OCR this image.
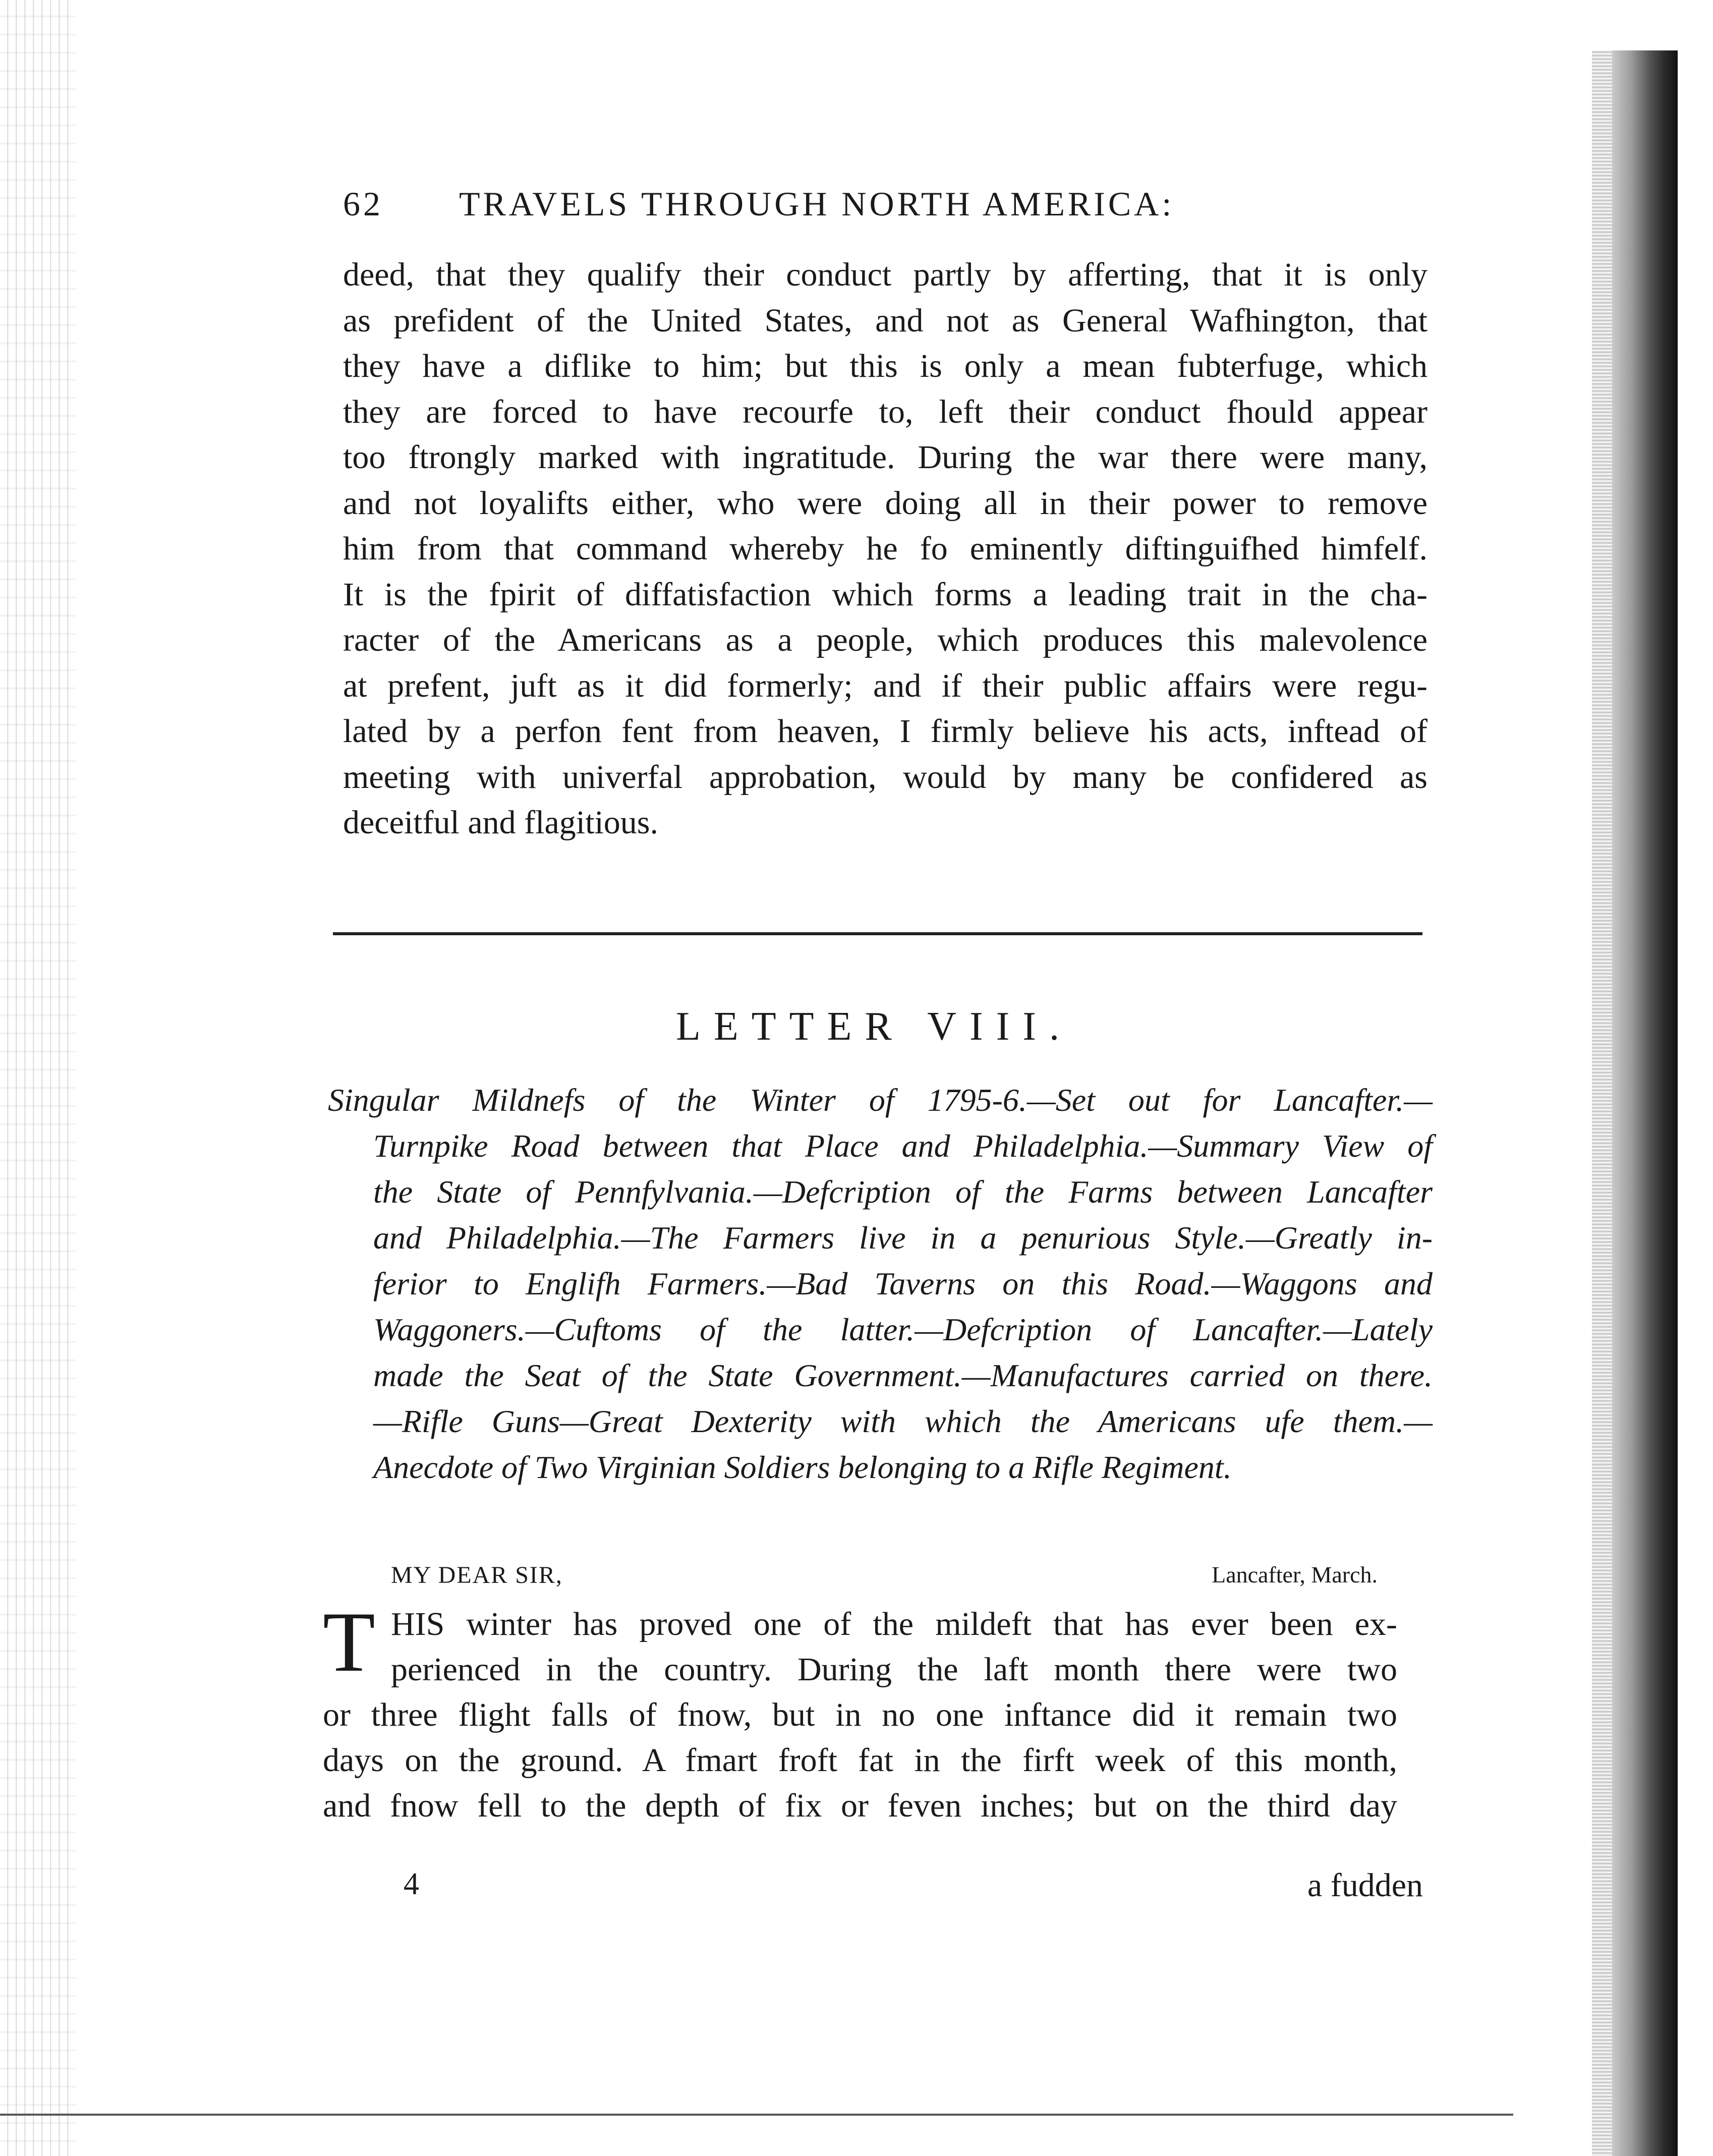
62 TRAVELS THROUGH NORTH AMERICA:
deed, that they qualify their conduct partly by afferting, that it is only
as prefident of the United States, and not as General Wafhington, that
they have a diflike to him; but this is only a mean fubterfuge, which
they are forced to have recourfe to, left their conduct fhould appear
too ftrongly marked with ingratitude. During the war there were many,
and not loyalifts either, who were doing all in their power to remove
him from that command whereby he fo eminently diftinguifhed himfelf.
It is the fpirit of diffatisfaction which forms a leading trait in the cha-
racter of the Americans as a people, which produces this malevolence
at prefent, juft as it did formerly; and if their public affairs were regu-
lated by a perfon fent from heaven, I firmly believe his acts, inftead of
meeting with univerfal approbation, would by many be confidered as
deceitful and flagitious.
LETTER VIII.
Singular Mildnefs of the Winter of 1795-6.—Set out for Lancafter.—
Turnpike Road between that Place and Philadelphia.—Summary View of
the State of Pennfylvania.—Defcription of the Farms between Lancafter
and Philadelphia.—The Farmers live in a penurious Style.—Greatly in-
ferior to Englifh Farmers.—Bad Taverns on this Road.—Waggons and
Waggoners.—Cuftoms of the latter.—Defcription of Lancafter.—Lately
made the Seat of the State Government.—Manufactures carried on there.
—Rifle Guns—Great Dexterity with which the Americans ufe them.—
Anecdote of Two Virginian Soldiers belonging to a Rifle Regiment.
MY DEAR SIR,	Lancafter, March.
T HIS winter has proved one of the mildeft that has ever been ex-
perienced in the country. During the laft month there were two
or three flight falls of fnow, but in no one inftance did it remain two
days on the ground. A fmart froft fat in the firft week of this month,
and fnow fell to the depth of fix or feven inches; but on the third day
4	a fudden
